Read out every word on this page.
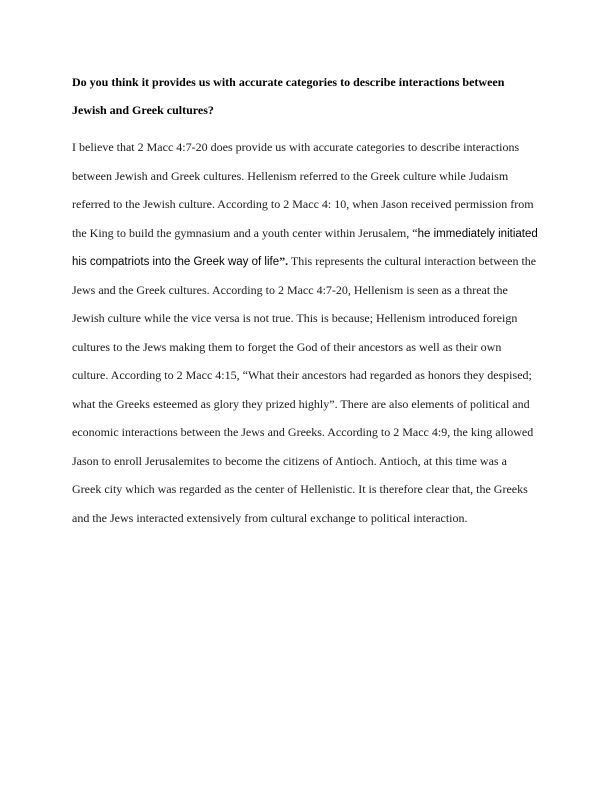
Do you think it provides us with accurate categories to describe interactions between
Jewish and Greek cultures?

I believe that 2 Macc 4:7-20 does provide us with accurate categories to describe interactions

between Jewish and Greek cultures. Hellenism referred to the Greek culture while Judaism

referred to the Jewish culture. According to 2 Macc 4: 10, when Jason received permission from

the King to build the gymnasium and a youth center within Jerusalem, “he immediately initiated

his compatriots into the Greek way of life”. This represents the cultural interaction between the

Jews and the Greek cultures. According to 2 Macc 4:7-20, Hellenism is seen as a threat the

Jewish culture while the vice versa is not true. This is because; Hellenism introduced foreign

cultures to the Jews making them to forget the God of their ancestors as well as their own

culture. According to 2 Macc 4:15, “What their ancestors had regarded as honors they despised;

what the Greeks esteemed as glory they prized highly”. There are also elements of political and

economic interactions between the Jews and Greeks. According to 2 Macc 4:9, the king allowed

Jason to enroll Jerusalemites to become the citizens of Antioch. Antioch, at this time was a

Greek city which was regarded as the center of Hellenistic. It is therefore clear that, the Greeks

and the Jews interacted extensively from cultural exchange to political interaction.
